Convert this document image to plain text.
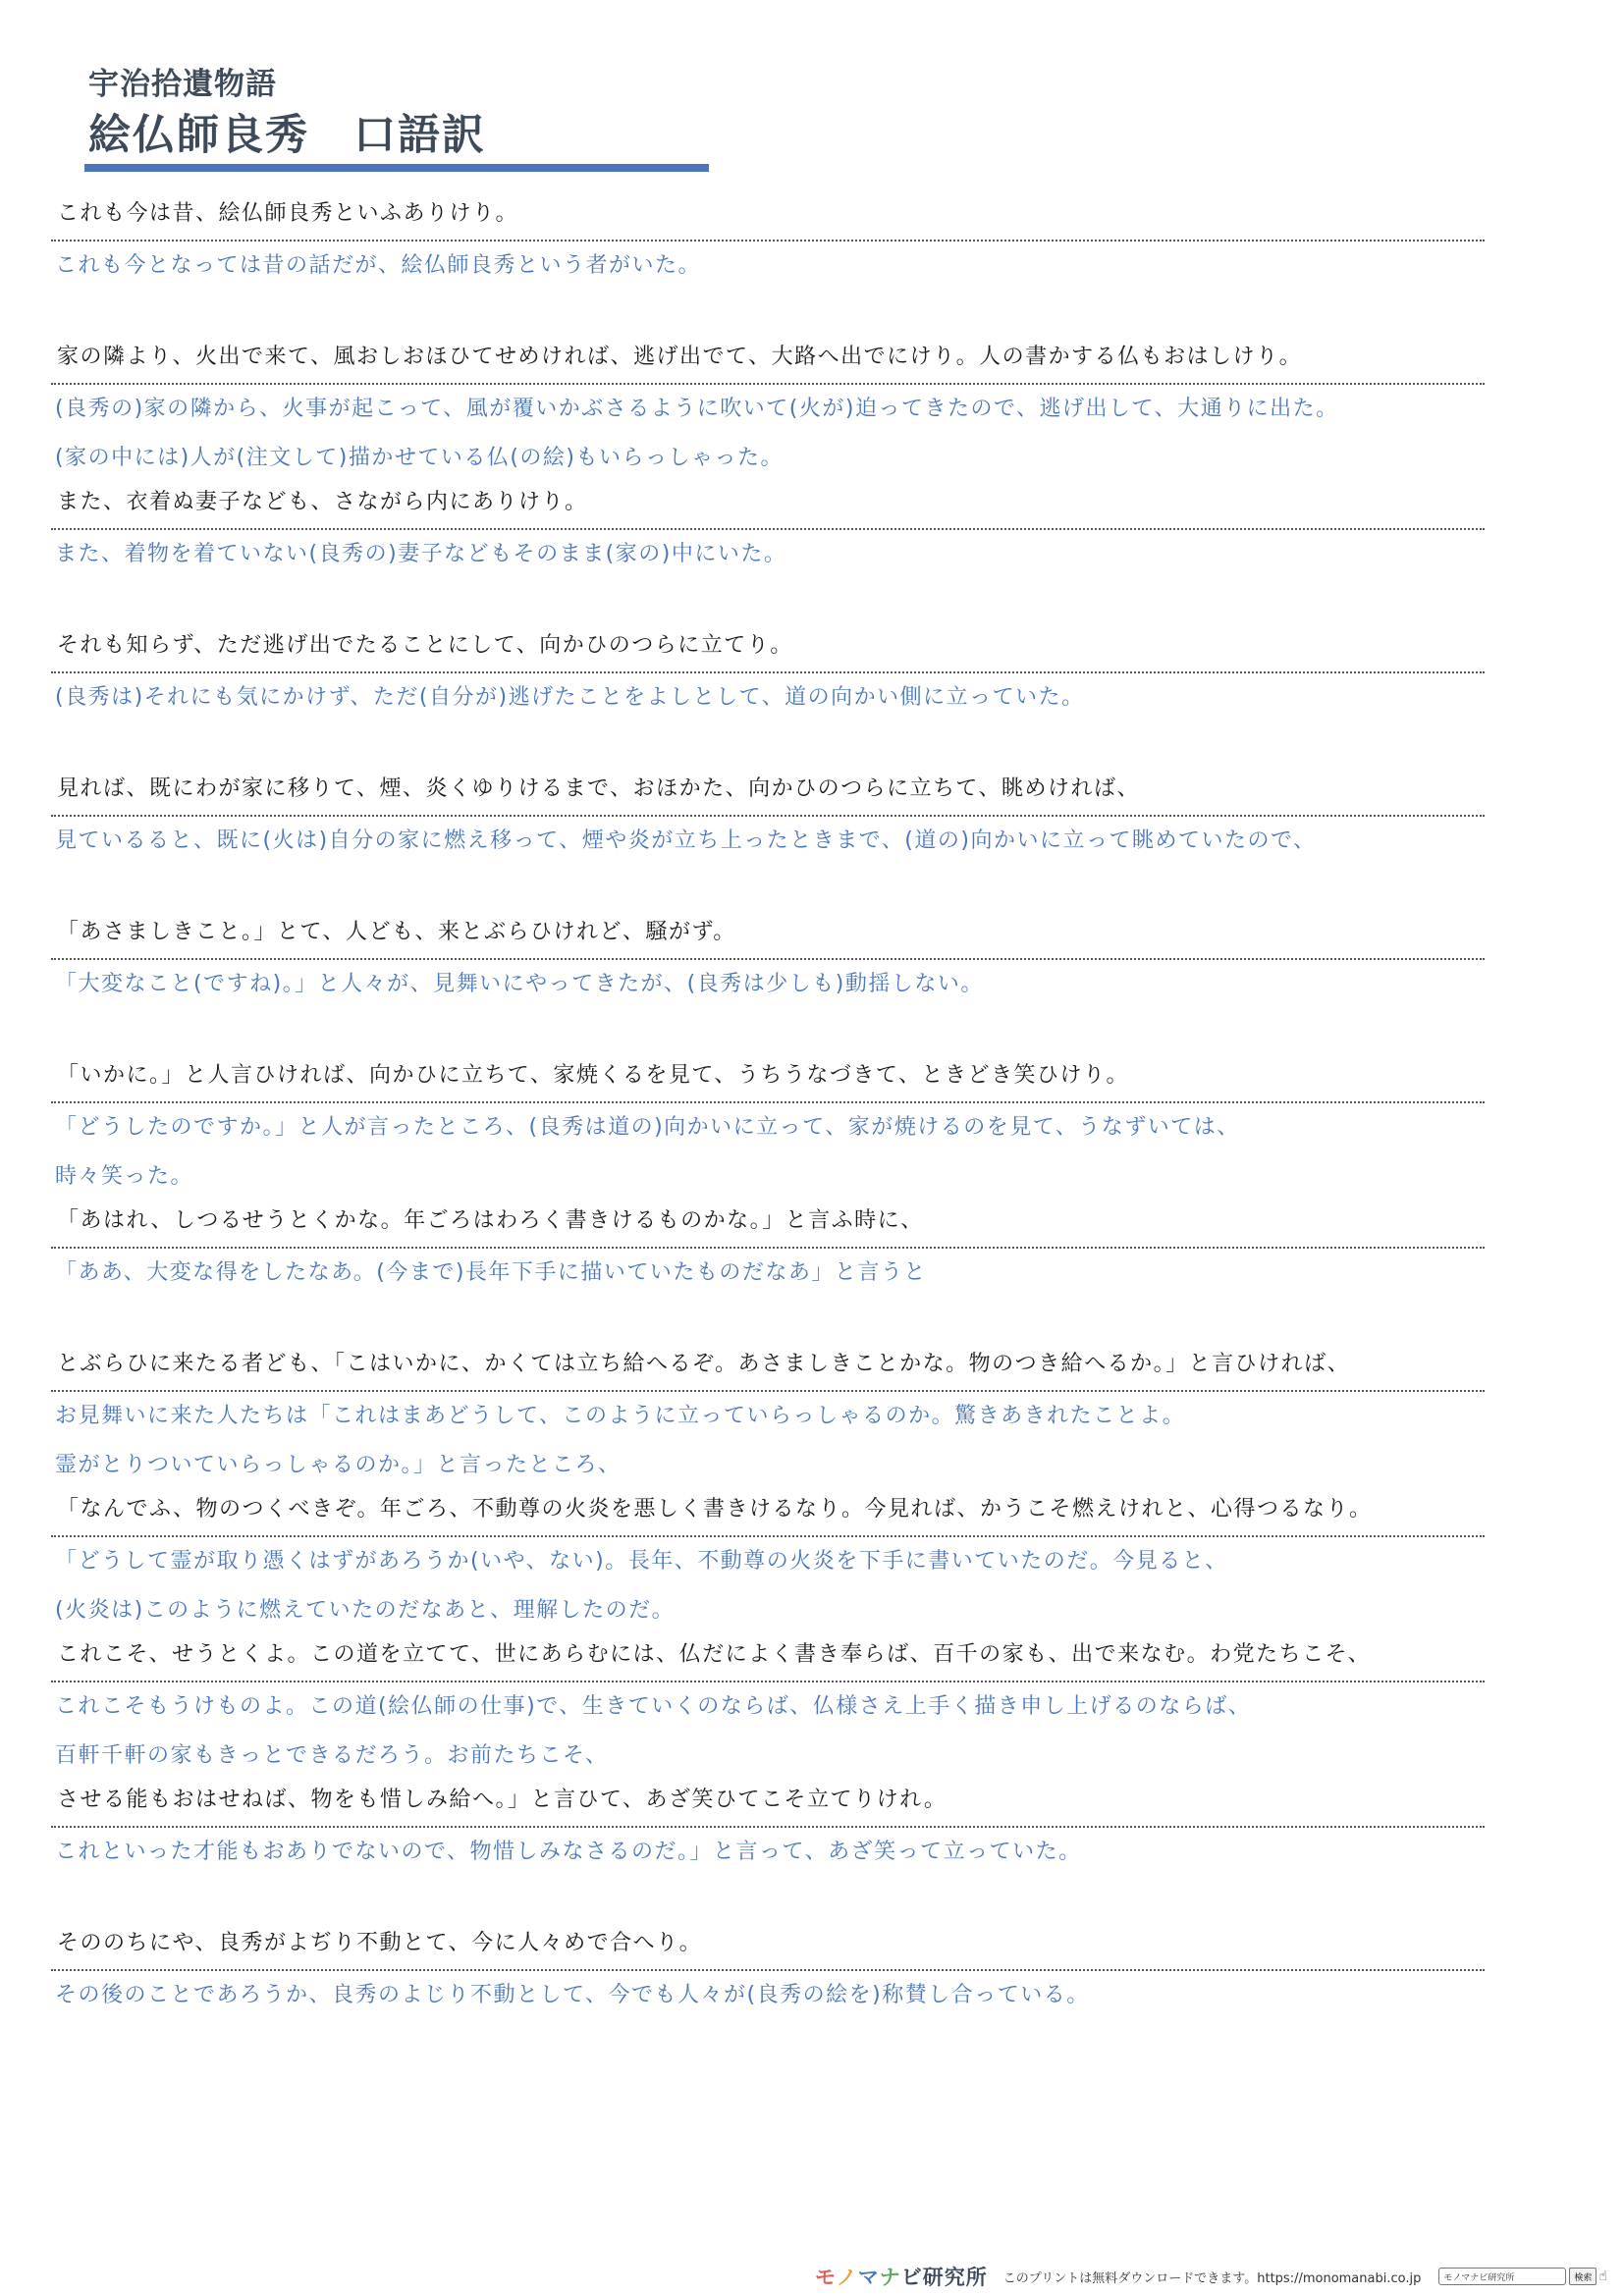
宇治拾遺物語
絵仏師良秀　口語訳
これも今は昔、絵仏師良秀といふありけり。
これも今となっては昔の話だが、絵仏師良秀という者がいた。
家の隣より、火出で来て、風おしおほひてせめければ、逃げ出でて、大路へ出でにけり。人の書かする仏もおはしけり。
(良秀の)家の隣から、火事が起こって、風が覆いかぶさるように吹いて(火が)迫ってきたので、逃げ出して、大通りに出た。
(家の中には)人が(注文して)描かせている仏(の絵)もいらっしゃった。
また、衣着ぬ妻子なども、さながら内にありけり。
また、着物を着ていない(良秀の)妻子などもそのまま(家の)中にいた。
それも知らず、ただ逃げ出でたることにして、向かひのつらに立てり。
(良秀は)それにも気にかけず、ただ(自分が)逃げたことをよしとして、道の向かい側に立っていた。
見れば、既にわが家に移りて、煙、炎くゆりけるまで、おほかた、向かひのつらに立ちて、眺めければ、
見ているると、既に(火は)自分の家に燃え移って、煙や炎が立ち上ったときまで、(道の)向かいに立って眺めていたので、
「あさましきこと。」とて、人ども、来とぶらひけれど、騒がず。
「大変なこと(ですね)。」と人々が、見舞いにやってきたが、(良秀は少しも)動揺しない。
「いかに。」と人言ひければ、向かひに立ちて、家焼くるを見て、うちうなづきて、ときどき笑ひけり。
「どうしたのですか。」と人が言ったところ、(良秀は道の)向かいに立って、家が焼けるのを見て、うなずいては、
時々笑った。
「あはれ、しつるせうとくかな。年ごろはわろく書きけるものかな。」と言ふ時に、
「ああ、大変な得をしたなあ。(今まで)長年下手に描いていたものだなあ」と言うと
とぶらひに来たる者ども、「こはいかに、かくては立ち給へるぞ。あさましきことかな。物のつき給へるか。」と言ひければ、
お見舞いに来た人たちは「これはまあどうして、このように立っていらっしゃるのか。驚きあきれたことよ。
霊がとりついていらっしゃるのか。」と言ったところ、
「なんでふ、物のつくべきぞ。年ごろ、不動尊の火炎を悪しく書きけるなり。今見れば、かうこそ燃えけれと、心得つるなり。
「どうして霊が取り憑くはずがあろうか(いや、ない)。長年、不動尊の火炎を下手に書いていたのだ。今見ると、
(火炎は)このように燃えていたのだなあと、理解したのだ。
これこそ、せうとくよ。この道を立てて、世にあらむには、仏だによく書き奉らば、百千の家も、出で来なむ。わ党たちこそ、
これこそもうけものよ。この道(絵仏師の仕事)で、生きていくのならば、仏様さえ上手く描き申し上げるのならば、
百軒千軒の家もきっとできるだろう。お前たちこそ、
させる能もおはせねば、物をも惜しみ給へ。」と言ひて、あざ笑ひてこそ立てりけれ。
これといった才能もおありでないので、物惜しみなさるのだ。」と言って、あざ笑って立っていた。
そののちにや、良秀がよぢり不動とて、今に人々めで合へり。
その後のことであろうか、良秀のよじり不動として、今でも人々が(良秀の絵を)称賛し合っている。
モノマナビ研究所 このプリントは無料ダウンロードできます。https://monomanabi.co.jp
モノマナビ研究所	検索 ☝
